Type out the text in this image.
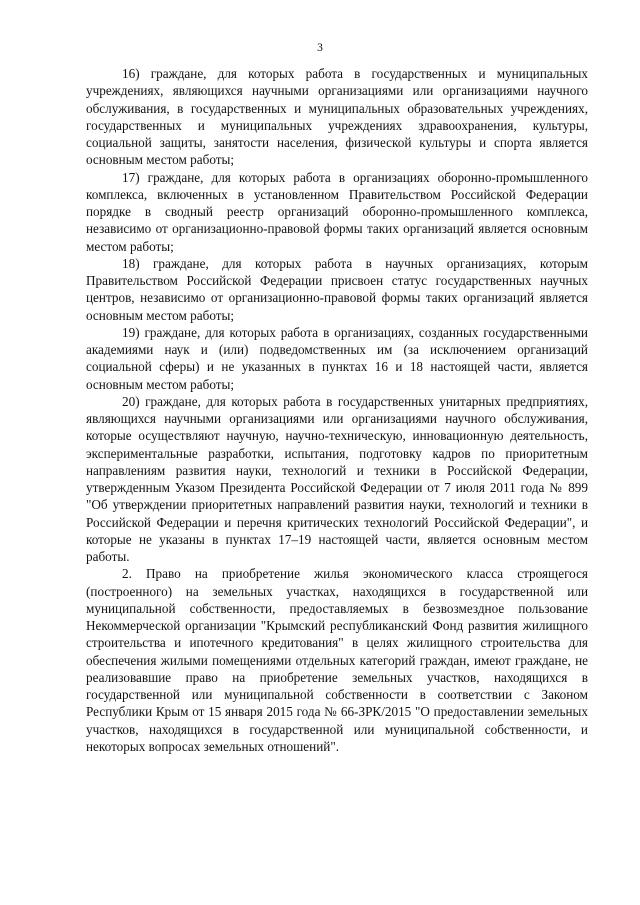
3

16) граждане, для которых работа в государственных и муниципальных учреждениях, являющихся научными организациями или организациями научного обслуживания, в государственных и муниципальных образовательных учреждениях, государственных и муниципальных учреждениях здравоохранения, культуры, социальной защиты, занятости населения, физической культуры и спорта является основным местом работы;

17) граждане, для которых работа в организациях оборонно-промышленного комплекса, включенных в установленном Правительством Российской Федерации порядке в сводный реестр организаций оборонно-промышленного комплекса, независимо от организационно-правовой формы таких организаций является основным местом работы;

18) граждане, для которых работа в научных организациях, которым Правительством Российской Федерации присвоен статус государственных научных центров, независимо от организационно-правовой формы таких организаций является основным местом работы;

19) граждане, для которых работа в организациях, созданных государственными академиями наук и (или) подведомственных им (за исключением организаций социальной сферы) и не указанных в пунктах 16 и 18 настоящей части, является основным местом работы;

20) граждане, для которых работа в государственных унитарных предприятиях, являющихся научными организациями или организациями научного обслуживания, которые осуществляют научную, научно-техническую, инновационную деятельность, экспериментальные разработки, испытания, подготовку кадров по приоритетным направлениям развития науки, технологий и техники в Российской Федерации, утвержденным Указом Президента Российской Федерации от 7 июля 2011 года № 899 "Об утверждении приоритетных направлений развития науки, технологий и техники в Российской Федерации и перечня критических технологий Российской Федерации", и которые не указаны в пунктах 17–19 настоящей части, является основным местом работы.

2. Право на приобретение жилья экономического класса строящегося (построенного) на земельных участках, находящихся в государственной или муниципальной собственности, предоставляемых в безвозмездное пользование Некоммерческой организации "Крымский республиканский Фонд развития жилищного строительства и ипотечного кредитования" в целях жилищного строительства для обеспечения жилыми помещениями отдельных категорий граждан, имеют граждане, не реализовавшие право на приобретение земельных участков, находящихся в государственной или муниципальной собственности в соответствии с Законом Республики Крым от 15 января 2015 года № 66-ЗРК/2015 "О предоставлении земельных участков, находящихся в государственной или муниципальной собственности, и некоторых вопросах земельных отношений".
